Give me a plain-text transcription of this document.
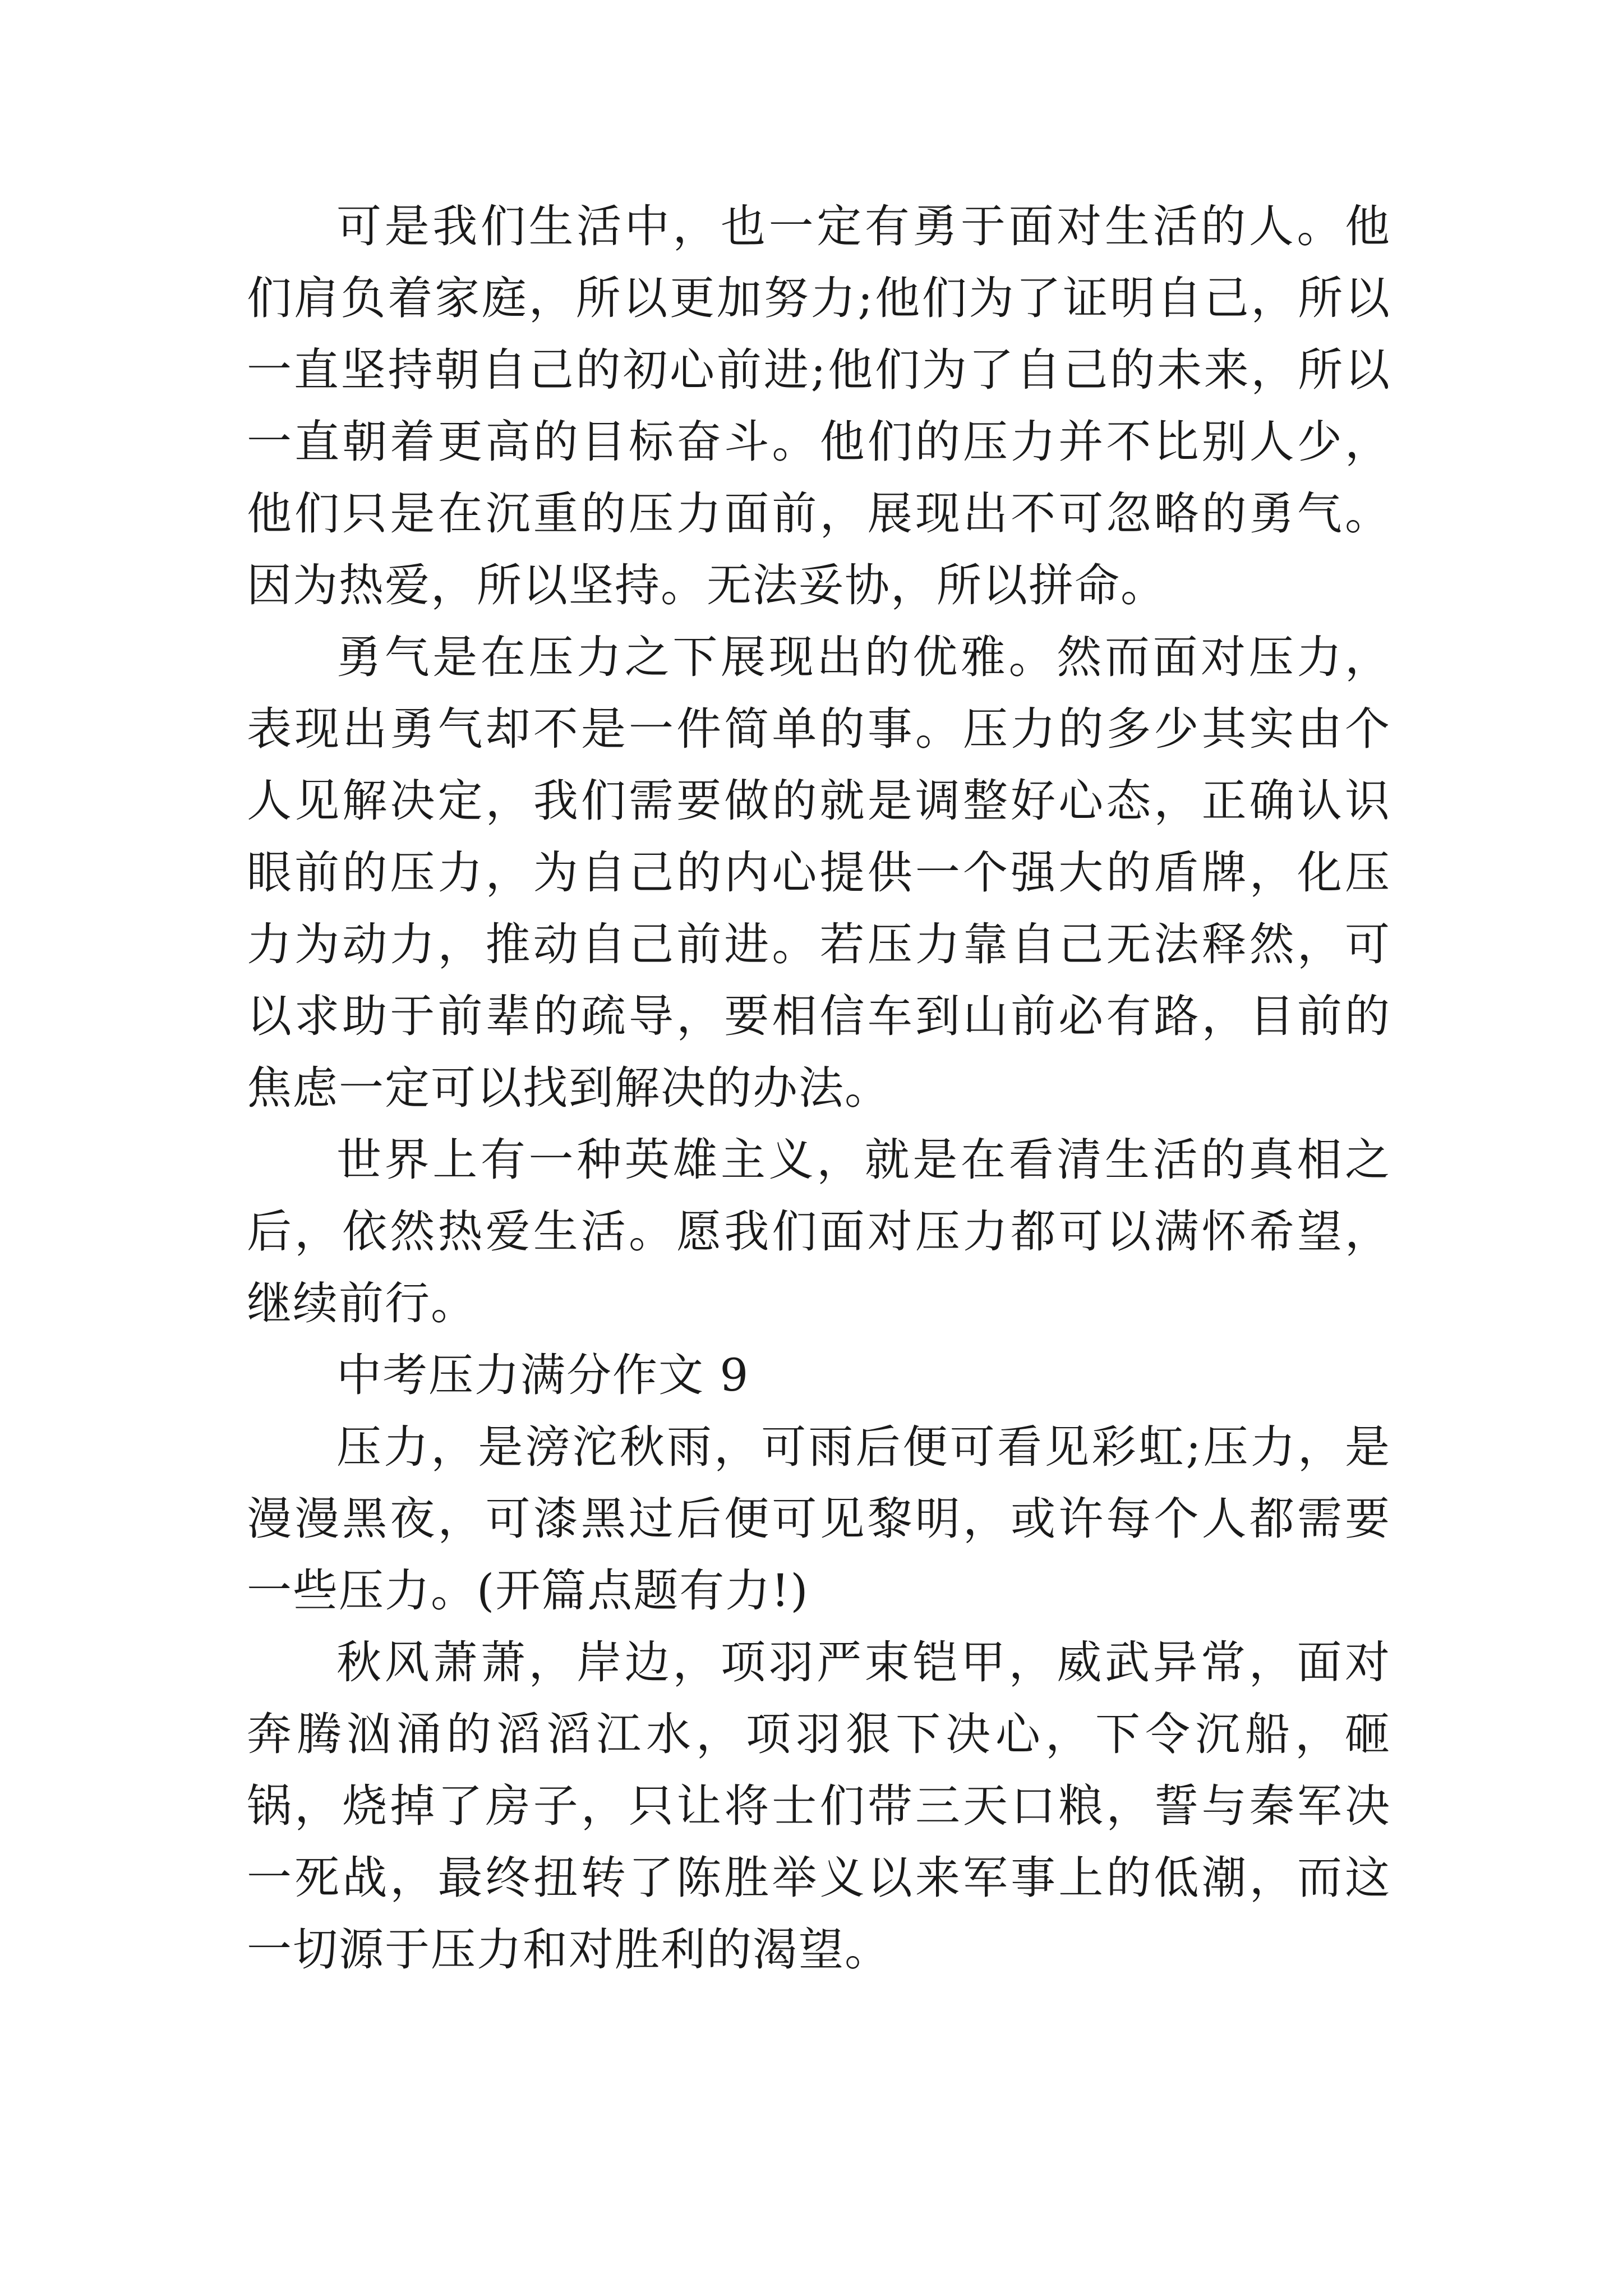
可是我们生活中，也一定有勇于面对生活的人。他们肩负着家庭，所以更加努力;他们为了证明自己，所以一直坚持朝自己的初心前进;他们为了自己的未来，所以一直朝着更高的目标奋斗。他们的压力并不比别人少，他们只是在沉重的压力面前，展现出不可忽略的勇气。因为热爱，所以坚持。无法妥协，所以拼命。

勇气是在压力之下展现出的优雅。然而面对压力，表现出勇气却不是一件简单的事。压力的多少其实由个人见解决定，我们需要做的就是调整好心态，正确认识眼前的压力，为自己的内心提供一个强大的盾牌，化压力为动力，推动自己前进。若压力靠自己无法释然，可以求助于前辈的疏导，要相信车到山前必有路，目前的焦虑一定可以找到解决的办法。

世界上有一种英雄主义，就是在看清生活的真相之后，依然热爱生活。愿我们面对压力都可以满怀希望，继续前行。

中考压力满分作文 9

压力，是滂沱秋雨，可雨后便可看见彩虹;压力，是漫漫黑夜，可漆黑过后便可见黎明，或许每个人都需要一些压力。(开篇点题有力!)

秋风萧萧，岸边，项羽严束铠甲，威武异常，面对奔腾汹涌的滔滔江水，项羽狠下决心，下令沉船，砸锅，烧掉了房子，只让将士们带三天口粮，誓与秦军决一死战，最终扭转了陈胜举义以来军事上的低潮，而这一切源于压力和对胜利的渴望。
